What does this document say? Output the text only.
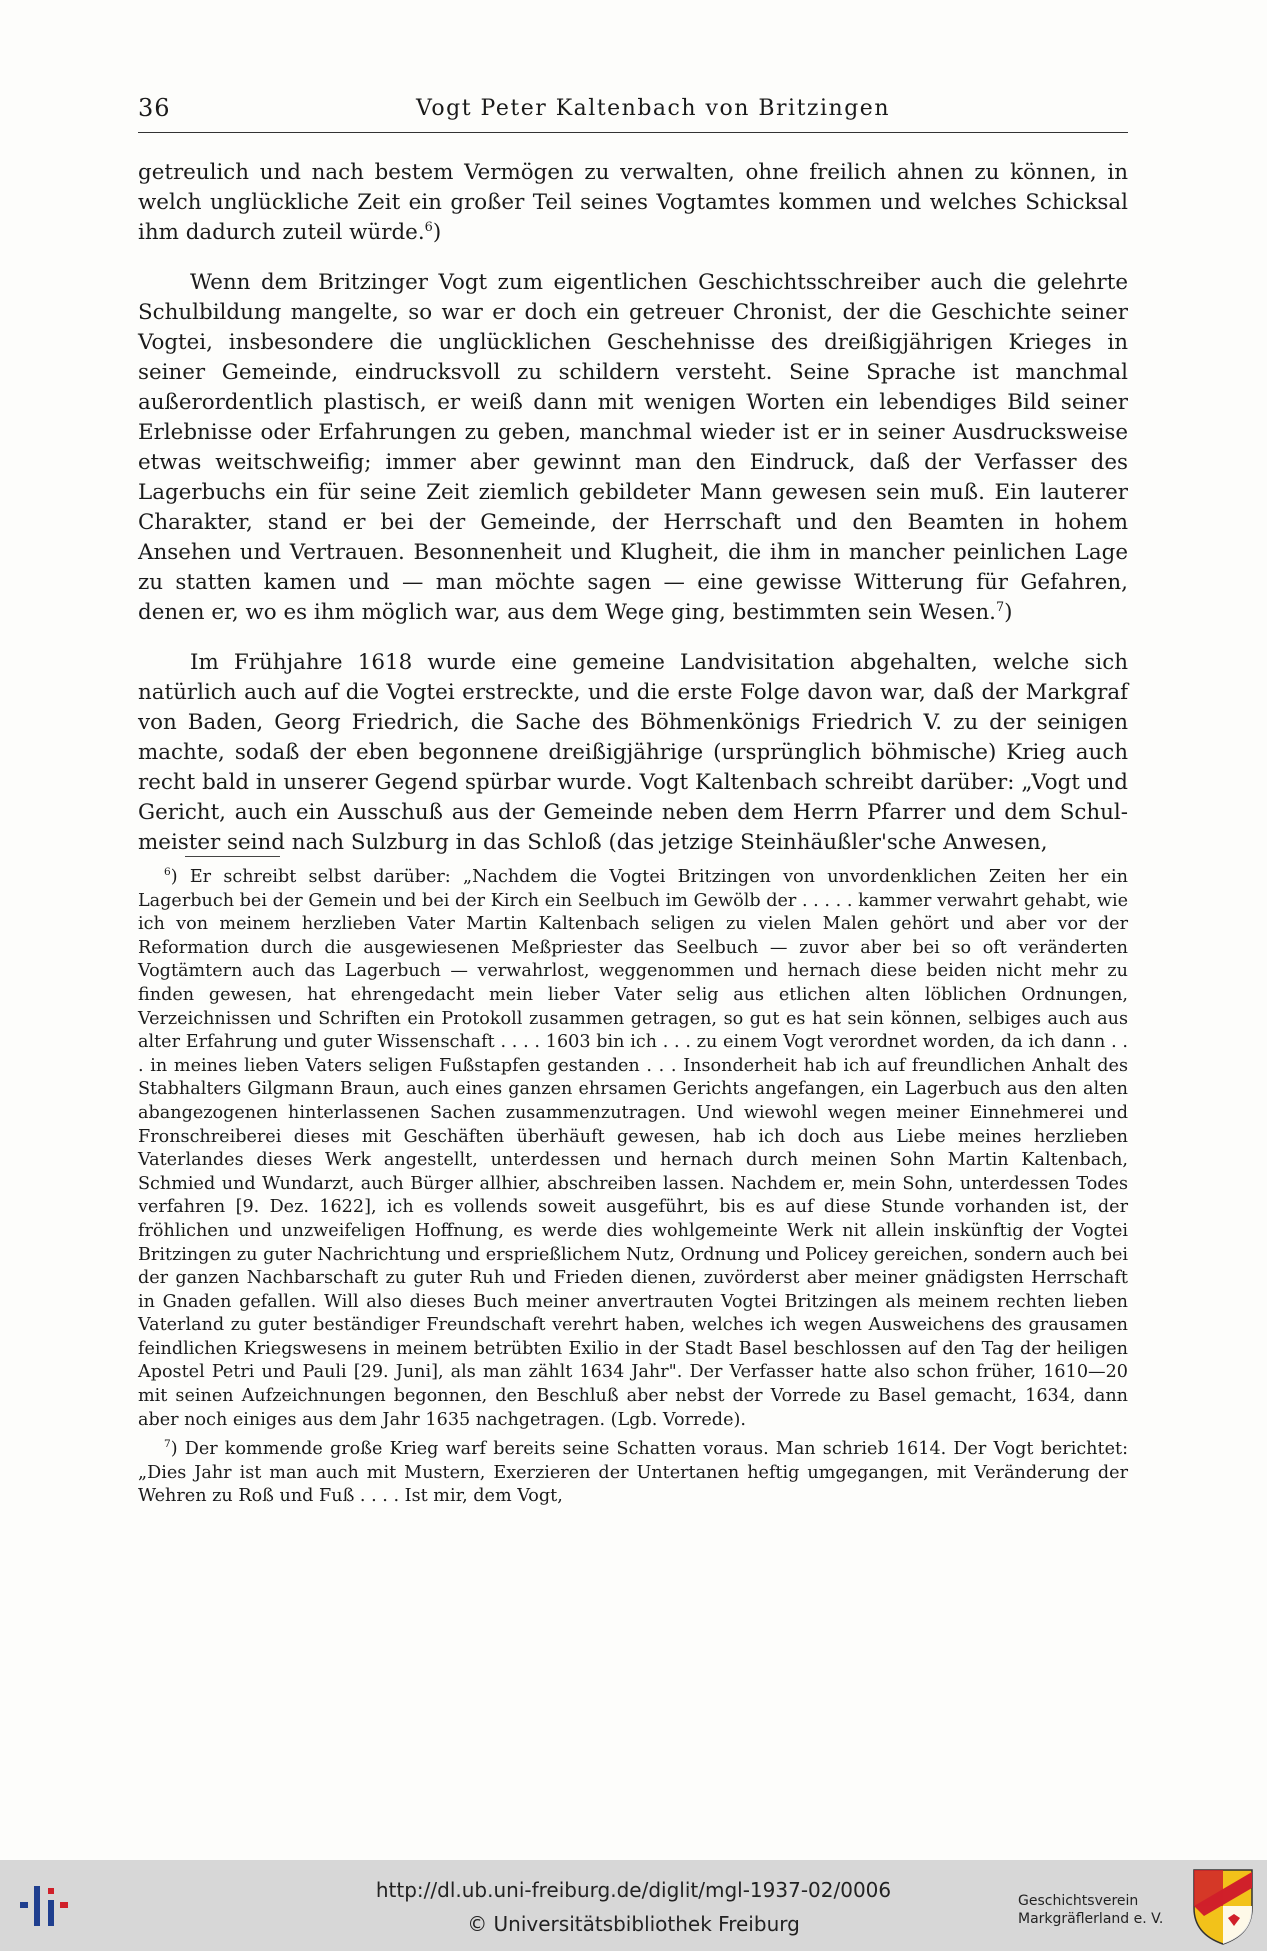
36	Vogt Peter Kaltenbach von Britzingen

getreulich und nach bestem Vermögen zu verwalten, ohne freilich ahnen zu können, in welch unglückliche Zeit ein großer Teil seines Vogtamtes kommen und welches Schicksal ihm dadurch zuteil würde.$^6$)

Wenn dem Britzinger Vogt zum eigentlichen Geschichtsschreiber auch die gelehrte Schulbildung mangelte, so war er doch ein getreuer Chronist, der die Geschichte seiner Vogtei, insbesondere die unglücklichen Geschehnisse des dreißigjährigen Krieges in seiner Gemeinde, eindrucksvoll zu schildern versteht. Seine Sprache ist manchmal außerordentlich plastisch, er weiß dann mit wenigen Worten ein lebendiges Bild seiner Erlebnisse oder Erfahrungen zu geben, manchmal wieder ist er in seiner Ausdrucksweise etwas weitschweifig; immer aber gewinnt man den Eindruck, daß der Verfasser des Lagerbuchs ein für seine Zeit ziemlich gebildeter Mann gewesen sein muß. Ein lauterer Charakter, stand er bei der Gemeinde, der Herrschaft und den Beamten in hohem Ansehen und Vertrauen. Besonnenheit und Klugheit, die ihm in mancher peinlichen Lage zu statten kamen und — man möchte sagen — eine gewisse Witterung für Gefahren, denen er, wo es ihm möglich war, aus dem Wege ging, bestimmten sein Wesen.$^7$)

Im Frühjahre 1618 wurde eine gemeine Landvisitation abgehalten, welche sich natürlich auch auf die Vogtei erstreckte, und die erste Folge davon war, daß der Markgraf von Baden, Georg Friedrich, die Sache des Böhmenkönigs Friedrich V. zu der seinigen machte, sodaß der eben begonnene dreißigjährige (ursprünglich böhmische) Krieg auch recht bald in unserer Gegend spürbar wurde. Vogt Kaltenbach schreibt darüber: „Vogt und Gericht, auch ein Ausschuß aus der Gemeinde neben dem Herrn Pfarrer und dem Schulmeister seind nach Sulzburg in das Schloß (das jetzige Steinhäußler'sche Anwesen,

$^6$) Er schreibt selbst darüber: „Nachdem die Vogtei Britzingen von unvordenklichen Zeiten her ein Lagerbuch bei der Gemein und bei der Kirch ein Seelbuch im Gewölb der . . . . . kammer verwahrt gehabt, wie ich von meinem herzlieben Vater Martin Kaltenbach seligen zu vielen Malen gehört und aber vor der Reformation durch die ausgewiesenen Meßpriester das Seelbuch — zuvor aber bei so oft veränderten Vogtämtern auch das Lagerbuch — verwahrlost, weggenommen und hernach diese beiden nicht mehr zu finden gewesen, hat ehrengedacht mein lieber Vater selig aus etlichen alten löblichen Ordnungen, Verzeichnissen und Schriften ein Protokoll zusammen getragen, so gut es hat sein können, selbiges auch aus alter Erfahrung und guter Wissenschaft . . . . 1603 bin ich . . . zu einem Vogt verordnet worden, da ich dann . . . in meines lieben Vaters seligen Fußstapfen gestanden . . . Insonderheit hab ich auf freundlichen Anhalt des Stabhalters Gilgmann Braun, auch eines ganzen ehrsamen Gerichts angefangen, ein Lagerbuch aus den alten abangezogenen hinterlassenen Sachen zusammenzutragen. Und wiewohl wegen meiner Einnehmerei und Fronschreiberei dieses mit Geschäften überhäuft gewesen, hab ich doch aus Liebe meines herzlieben Vaterlandes dieses Werk angestellt, unterdessen und hernach durch meinen Sohn Martin Kaltenbach, Schmied und Wundarzt, auch Bürger allhier, abschreiben lassen. Nachdem er, mein Sohn, unterdessen Todes verfahren [9. Dez. 1622], ich es vollends soweit ausgeführt, bis es auf diese Stunde vorhanden ist, der fröhlichen und unzweifeligen Hoffnung, es werde dies wohlgemeinte Werk nit allein inskünftig der Vogtei Britzingen zu guter Nachrichtung und ersprießlichem Nutz, Ordnung und Policey gereichen, sondern auch bei der ganzen Nachbarschaft zu guter Ruh und Frieden dienen, zuvörderst aber meiner gnädigsten Herrschaft in Gnaden gefallen. Will also dieses Buch meiner anvertrauten Vogtei Britzingen als meinem rechten lieben Vaterland zu guter beständiger Freundschaft verehrt haben, welches ich wegen Ausweichens des grausamen feindlichen Kriegswesens in meinem betrübten Exilio in der Stadt Basel beschlossen auf den Tag der heiligen Apostel Petri und Pauli [29. Juni], als man zählt 1634 Jahr". Der Verfasser hatte also schon früher, 1610—20 mit seinen Aufzeichnungen begonnen, den Beschluß aber nebst der Vorrede zu Basel gemacht, 1634, dann aber noch einiges aus dem Jahr 1635 nachgetragen. (Lgb. Vorrede).

$^7$) Der kommende große Krieg warf bereits seine Schatten voraus. Man schrieb 1614. Der Vogt berichtet: „Dies Jahr ist man auch mit Mustern, Exerzieren der Untertanen heftig umgegangen, mit Veränderung der Wehren zu Roß und Fuß . . . . Ist mir, dem Vogt,

http://dl.ub.uni-freiburg.de/diglit/mgl-1937-02/0006
© Universitätsbibliothek Freiburg
Geschichtsverein
Markgräflerland e. V.
